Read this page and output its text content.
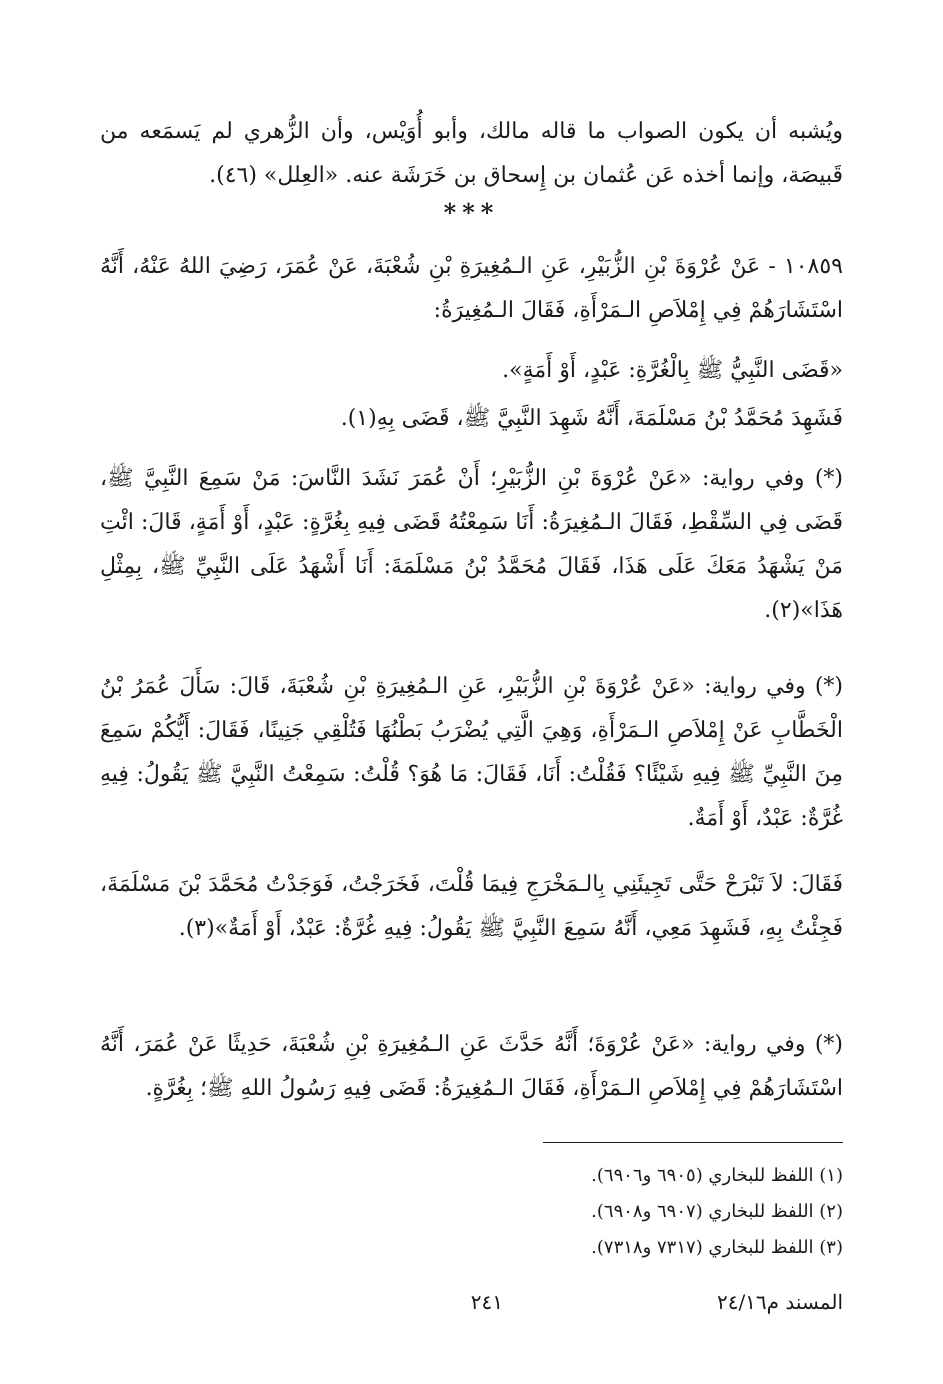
ويُشبه أن يكون الصواب ما قاله مالك، وأبو أُوَيْس، وأن الزُّهري لم يَسمَعه من قَبيصَة، وإنما أخذه عَن عُثمان بن إِسحاق بن خَرَشَة عنه. «العِلل» (٤٦).
***
١٠٨٥٩ - عَنْ عُرْوَةَ بْنِ الزُّبَيْرِ، عَنِ الـمُغِيرَةِ بْنِ شُعْبَةَ، عَنْ عُمَرَ، رَضِيَ اللهُ عَنْهُ، أَنَّهُ اسْتَشَارَهُمْ فِي إِمْلاَصِ الـمَرْأَةِ، فَقَالَ الـمُغِيرَةُ:
«قَضَى النَّبِيُّ ﷺ بِالْغُرَّةِ: عَبْدٍ، أَوْ أَمَةٍ».
فَشَهِدَ مُحَمَّدُ بْنُ مَسْلَمَةَ، أَنَّهُ شَهِدَ النَّبِيَّ ﷺ، قَضَى بِهِ(١).
(*) وفي رواية: «عَنْ عُرْوَةَ بْنِ الزُّبَيْرِ؛ أَنْ عُمَرَ نَشَدَ النَّاسَ: مَنْ سَمِعَ النَّبِيَّ ﷺ، قَضَى فِي السِّقْطِ، فَقَالَ الـمُغِيرَةُ: أَنَا سَمِعْتُهُ قَضَى فِيهِ بِغُرَّةٍ: عَبْدٍ، أَوْ أَمَةٍ، قَالَ: ائْتِ مَنْ يَشْهَدُ مَعَكَ عَلَى هَذَا، فَقَالَ مُحَمَّدُ بْنُ مَسْلَمَةَ: أَنَا أَشْهَدُ عَلَى النَّبِيِّ ﷺ، بِمِثْلِ هَذَا»(٢).
(*) وفي رواية: «عَنْ عُرْوَةَ بْنِ الزُّبَيْرِ، عَنِ الـمُغِيرَةِ بْنِ شُعْبَةَ، قَالَ: سَأَلَ عُمَرُ بْنُ الْخَطَّابِ عَنْ إِمْلاَصِ الـمَرْأَةِ، وَهِيَ الَّتِي يُضْرَبُ بَطْنُهَا فَتُلْقِي جَنِينًا، فَقَالَ: أَيُّكُمْ سَمِعَ مِنَ النَّبِيِّ ﷺ فِيهِ شَيْئًا؟ فَقُلْتُ: أَنَا، فَقَالَ: مَا هُوَ؟ قُلْتُ: سَمِعْتُ النَّبِيَّ ﷺ يَقُولُ: فِيهِ غُرَّةٌ: عَبْدٌ، أَوْ أَمَةٌ.
فَقَالَ: لاَ تَبْرَحْ حَتَّى تَجِيئَنِي بِالـمَخْرَجِ فِيمَا قُلْتَ، فَخَرَجْتُ، فَوَجَدْتُ مُحَمَّدَ بْنَ مَسْلَمَةَ، فَجِئْتُ بِهِ، فَشَهِدَ مَعِي، أَنَّهُ سَمِعَ النَّبِيَّ ﷺ يَقُولُ: فِيهِ غُرَّةٌ: عَبْدٌ، أَوْ أَمَةٌ»(٣).
(*) وفي رواية: «عَنْ عُرْوَةَ؛ أَنَّهُ حَدَّثَ عَنِ الـمُغِيرَةِ بْنِ شُعْبَةَ، حَدِيثًا عَنْ عُمَرَ، أَنَّهُ اسْتَشَارَهُمْ فِي إِمْلاَصِ الـمَرْأَةِ، فَقَالَ الـمُغِيرَةُ: قَضَى فِيهِ رَسُولُ اللهِ ﷺ؛ بِغُرَّةٍ.
(١) اللفظ للبخاري (٦٩٠٥ و٦٩٠٦).
(٢) اللفظ للبخاري (٦٩٠٧ و٦٩٠٨).
(٣) اللفظ للبخاري (٧٣١٧ و٧٣١٨).
المسند م٢٤/١٦
٢٤١
